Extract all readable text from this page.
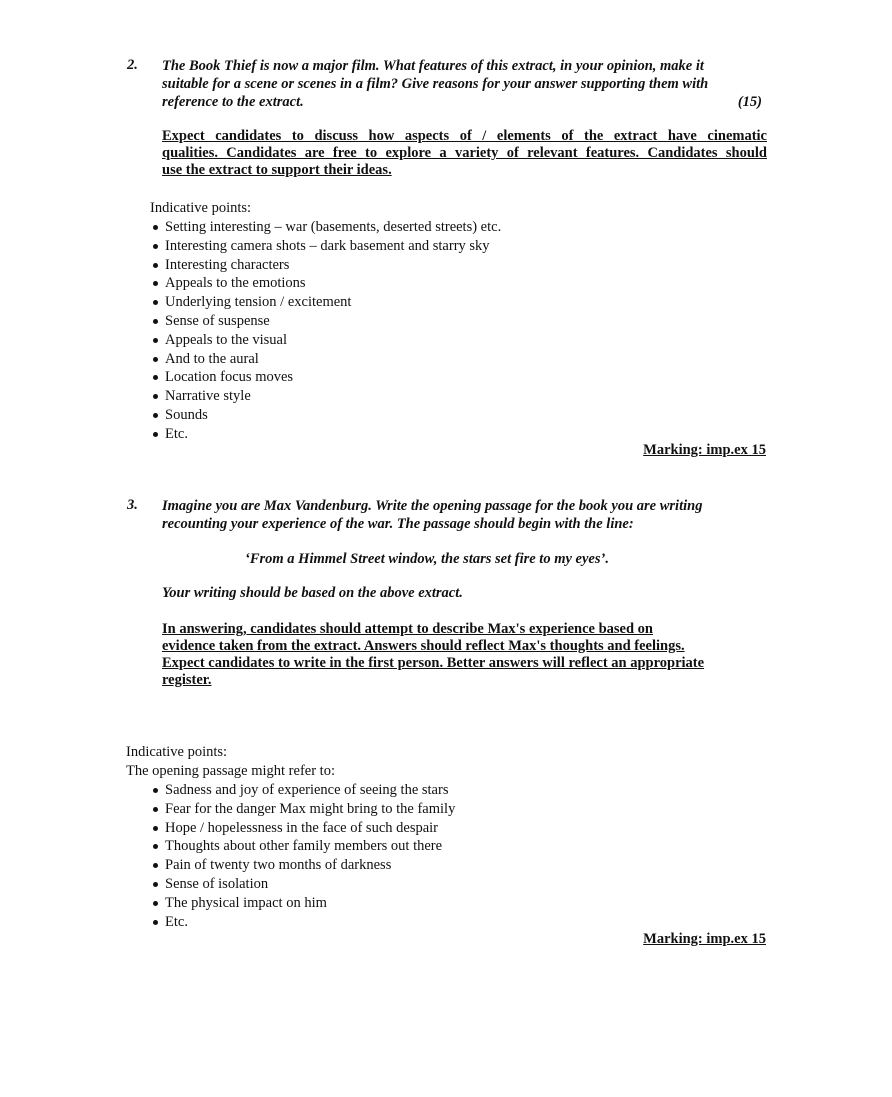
2. The Book Thief is now a major film. What features of this extract, in your opinion, make it
suitable for a scene or scenes in a film? Give reasons for your answer supporting them with
reference to the extract.	(15)
Expect candidates to discuss how aspects of / elements of the extract have cinematic
qualities. Candidates are free to explore a variety of relevant features. Candidates should
use the extract to support their ideas.
Indicative points:
Setting interesting – war (basements, deserted streets) etc.
Interesting camera shots – dark basement and starry sky
Interesting characters
Appeals to the emotions
Underlying tension / excitement
Sense of suspense
Appeals to the visual
And to the aural
Location focus moves
Narrative style
Sounds
Etc.
Marking: imp.ex 15
3. Imagine you are Max Vandenburg. Write the opening passage for the book you are writing
recounting your experience of the war. The passage should begin with the line:
‘From a Himmel Street window, the stars set fire to my eyes’.
Your writing should be based on the above extract.
In answering, candidates should attempt to describe Max's experience based on
evidence taken from the extract. Answers should reflect Max's thoughts and feelings.
Expect candidates to write in the first person. Better answers will reflect an appropriate
register.
Indicative points:
The opening passage might refer to:
Sadness and joy of experience of seeing the stars
Fear for the danger Max might bring to the family
Hope / hopelessness in the face of such despair
Thoughts about other family members out there
Pain of twenty two months of darkness
Sense of isolation
The physical impact on him
Etc.
Marking: imp.ex 15
